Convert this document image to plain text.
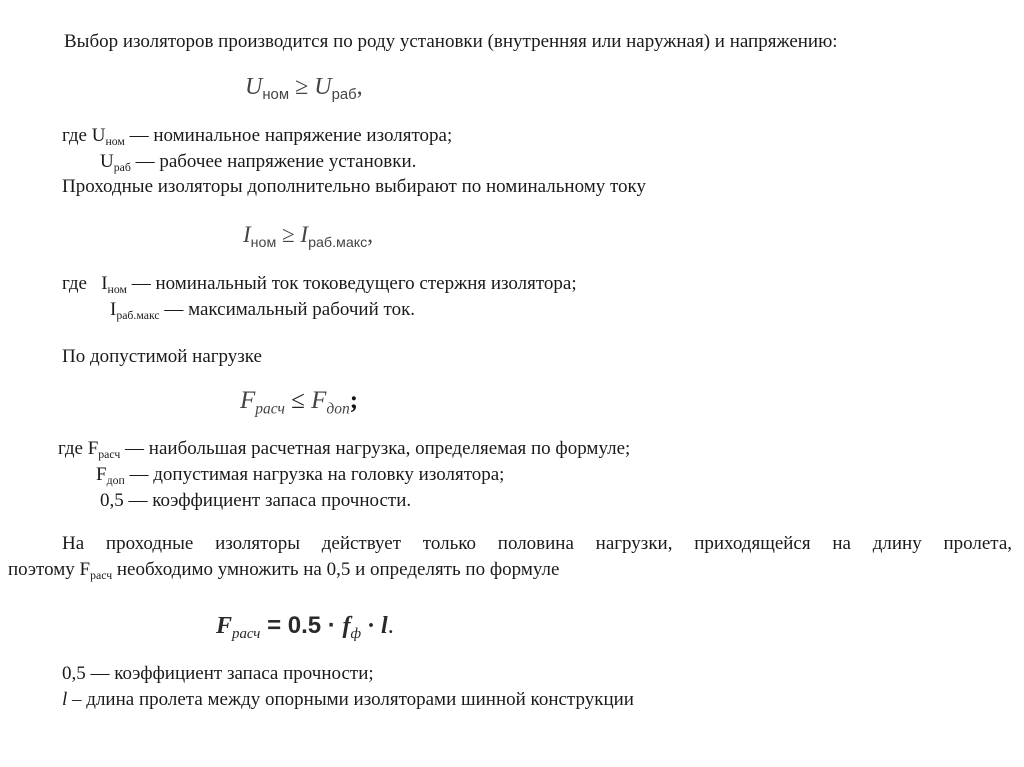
Выбор изоляторов производится по роду установки (внутренняя или наружная) и напряжению:
$U_{ном} \ge U_{раб}$,
где $U_{ном}$ — номинальное напряжение изолятора;
$U_{раб}$ — рабочее напряжение установки.
Проходные изоляторы дополнительно выбирают по номинальному току
$I_{ном} \ge I_{раб.макс}$,
где   $I_{ном}$ — номинальный ток токоведущего стержня изолятора;
$I_{раб.макс}$ — максимальный рабочий ток.
По допустимой нагрузке
$F_{расч} \le F_{доп}$;
где $F_{расч}$ — наибольшая расчетная нагрузка, определяемая по формуле;
$F_{доп}$ — допустимая нагрузка на головку изолятора;
0,5 — коэффициент запаса прочности.
На проходные изоляторы действует только половина нагрузки, приходящейся на длину пролета,
поэтому $F_{расч}$ необходимо умножить на 0,5 и определять по формуле
$F_{расч} = 0.5 \cdot f_ф \cdot l$.
0,5 — коэффициент запаса прочности;
l – длина пролета между опорными изоляторами шинной конструкции
